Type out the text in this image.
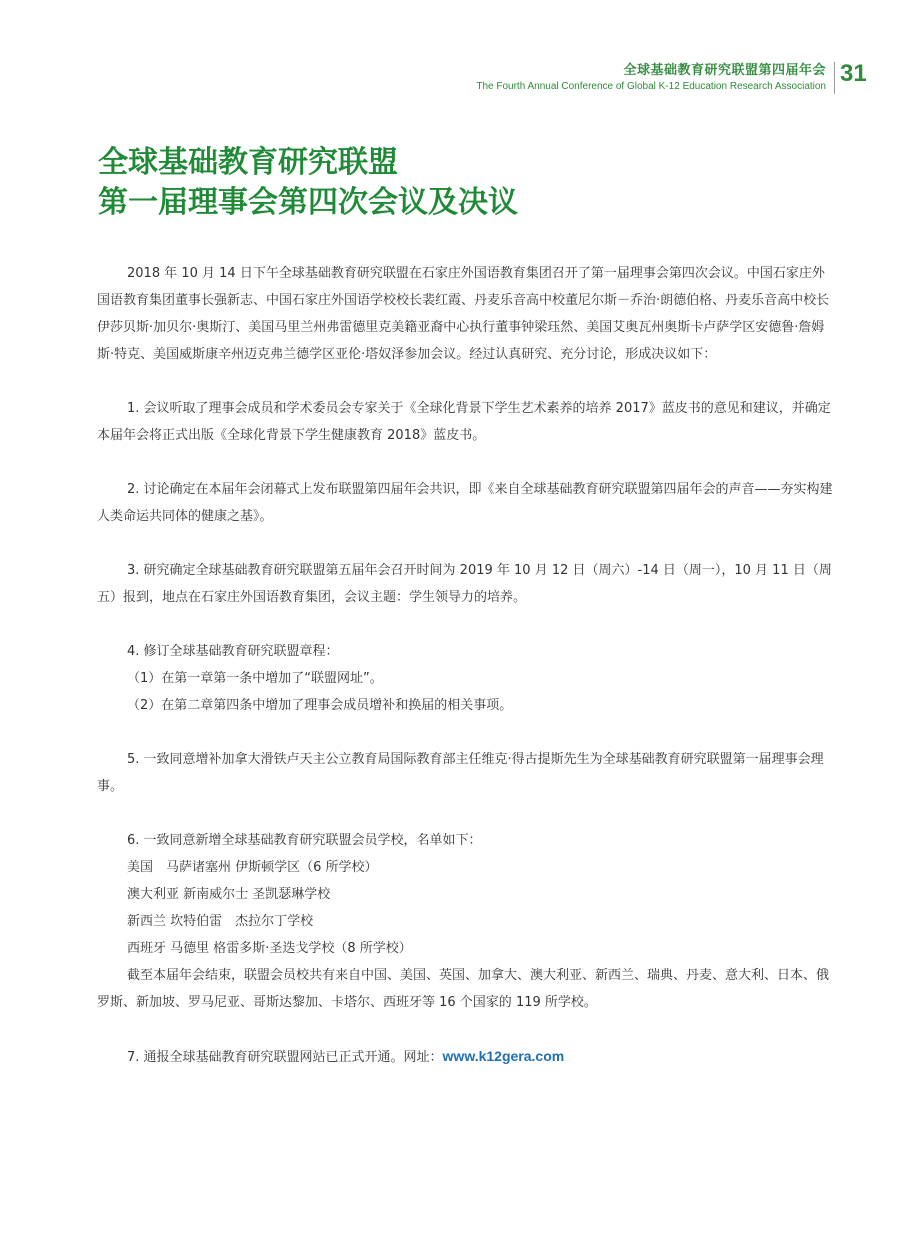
全球基础教育研究联盟第四届年会
The Fourth Annual Conference of Global K-12 Education Research Association 31
全球基础教育研究联盟
第一届理事会第四次会议及决议

2018 年 10 月 14 日下午全球基础教育研究联盟在石家庄外国语教育集团召开了第一届理事会第四次会议。中国石家庄外国语教育集团董事长强新志、中国石家庄外国语学校校长裴红霞、丹麦乐音高中校董尼尔斯－乔治·朗德伯格、丹麦乐音高中校长伊莎贝斯·加贝尔·奥斯汀、美国马里兰州弗雷德里克美籍亚裔中心执行董事钟梁珏然、美国艾奥瓦州奥斯卡卢萨学区安德鲁·詹姆斯·特克、美国威斯康辛州迈克弗兰德学区亚伦·塔奴泽参加会议。经过认真研究、充分讨论，形成决议如下：

1. 会议听取了理事会成员和学术委员会专家关于《全球化背景下学生艺术素养的培养 2017》蓝皮书的意见和建议，并确定本届年会将正式出版《全球化背景下学生健康教育 2018》蓝皮书。

2. 讨论确定在本届年会闭幕式上发布联盟第四届年会共识，即《来自全球基础教育研究联盟第四届年会的声音——夯实构建人类命运共同体的健康之基》。

3. 研究确定全球基础教育研究联盟第五届年会召开时间为 2019 年 10 月 12 日（周六）-14 日（周一），10 月 11 日（周五）报到，地点在石家庄外国语教育集团，会议主题：学生领导力的培养。

4. 修订全球基础教育研究联盟章程：

（1）在第一章第一条中增加了“联盟网址”。

（2）在第二章第四条中增加了理事会成员增补和换届的相关事项。

5. 一致同意增补加拿大滑铁卢天主公立教育局国际教育部主任维克·得古提斯先生为全球基础教育研究联盟第一届理事会理事。

6. 一致同意新增全球基础教育研究联盟会员学校，名单如下：

美国　马萨诸塞州 伊斯顿学区（6 所学校）

澳大利亚 新南威尔士 圣凯瑟琳学校

新西兰 坎特伯雷　杰拉尔丁学校

西班牙 马德里 格雷多斯·圣迭戈学校（8 所学校）

截至本届年会结束，联盟会员校共有来自中国、美国、英国、加拿大、澳大利亚、新西兰、瑞典、丹麦、意大利、日本、俄罗斯、新加坡、罗马尼亚、哥斯达黎加、卡塔尔、西班牙等 16 个国家的 119 所学校。

7. 通报全球基础教育研究联盟网站已正式开通。网址：www.k12gera.com
